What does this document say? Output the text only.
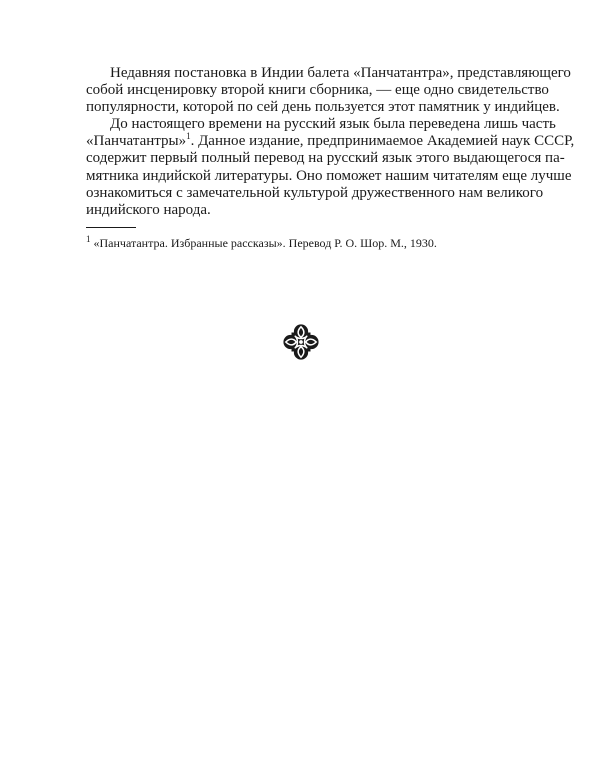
Недавняя постановка в Индии балета «Панчатантра», представляющего
собой инсценировку второй книги сборника, — еще одно свидетельство
популярности, которой по сей день пользуется этот памятник у индийцев.
До настоящего времени на русский язык была переведена лишь часть
«Панчатантры»$^1$. Данное издание, предпринимаемое Академией наук СССР,
содержит первый полный перевод на русский язык этого выдающегося па-
мятника индийской литературы. Оно поможет нашим читателям еще лучше
ознакомиться с замечательной культурой дружественного нам великого
индийского народа.
$^1$ «Панчатантра. Избранные рассказы». Перевод Р. О. Шор. М., 1930.
